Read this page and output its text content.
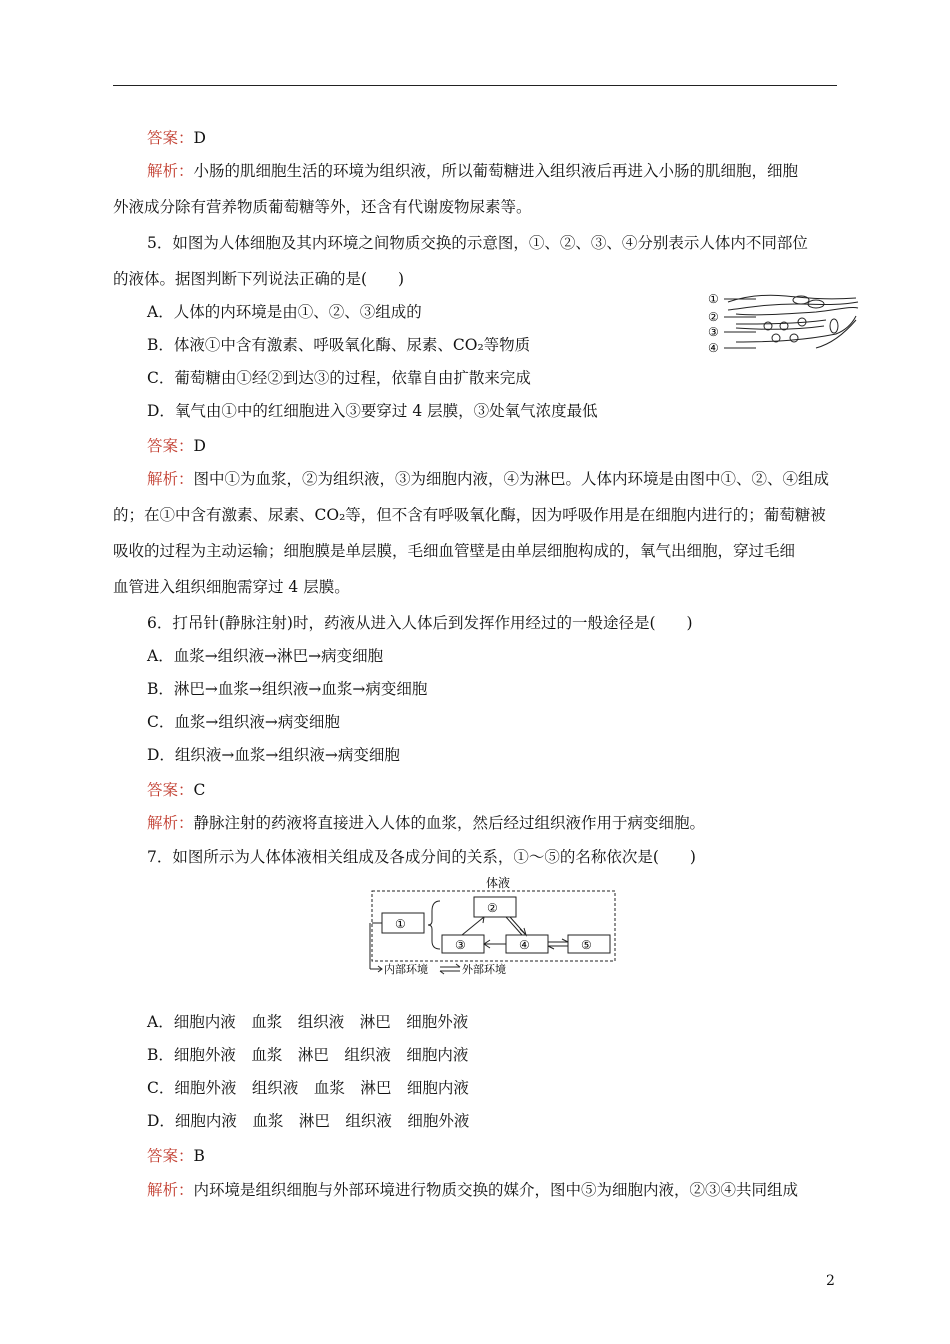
答案：D
解析：小肠的肌细胞生活的环境为组织液，所以葡萄糖进入组织液后再进入小肠的肌细胞，细胞
外液成分除有营养物质葡萄糖等外，还含有代谢废物尿素等。
5．如图为人体细胞及其内环境之间物质交换的示意图，①、②、③、④分别表示人体内不同部位
的液体。据图判断下列说法正确的是(　　)
A．人体的内环境是由①、②、③组成的
B．体液①中含有激素、呼吸氧化酶、尿素、CO₂等物质
C．葡萄糖由①经②到达③的过程，依靠自由扩散来完成
D．氧气由①中的红细胞进入③要穿过 4 层膜，③处氧气浓度最低
①
②
③
④
答案：D
解析：图中①为血浆，②为组织液，③为细胞内液，④为淋巴。人体内环境是由图中①、②、④组成
的；在①中含有激素、尿素、CO₂等，但不含有呼吸氧化酶，因为呼吸作用是在细胞内进行的；葡萄糖被
吸收的过程为主动运输；细胞膜是单层膜，毛细血管壁是由单层细胞构成的，氧气出细胞，穿过毛细
血管进入组织细胞需穿过 4 层膜。
6．打吊针(静脉注射)时，药液从进入人体后到发挥作用经过的一般途径是(　　)
A．血浆→组织液→淋巴→病变细胞
B．淋巴→血浆→组织液→血浆→病变细胞
C．血浆→组织液→病变细胞
D．组织液→血浆→组织液→病变细胞
答案：C
解析：静脉注射的药液将直接进入人体的血浆，然后经过组织液作用于病变细胞。
7．如图所示为人体体液相关组成及各成分间的关系，①～⑤的名称依次是(　　)
体液
①
②
③	④	⑤
内部环境	外部环境
A．细胞内液　血浆　组织液　淋巴　细胞外液
B．细胞外液　血浆　淋巴　组织液　细胞内液
C．细胞外液　组织液　血浆　淋巴　细胞内液
D．细胞内液　血浆　淋巴　组织液　细胞外液
答案：B
解析：内环境是组织细胞与外部环境进行物质交换的媒介，图中⑤为细胞内液，②③④共同组成
2
